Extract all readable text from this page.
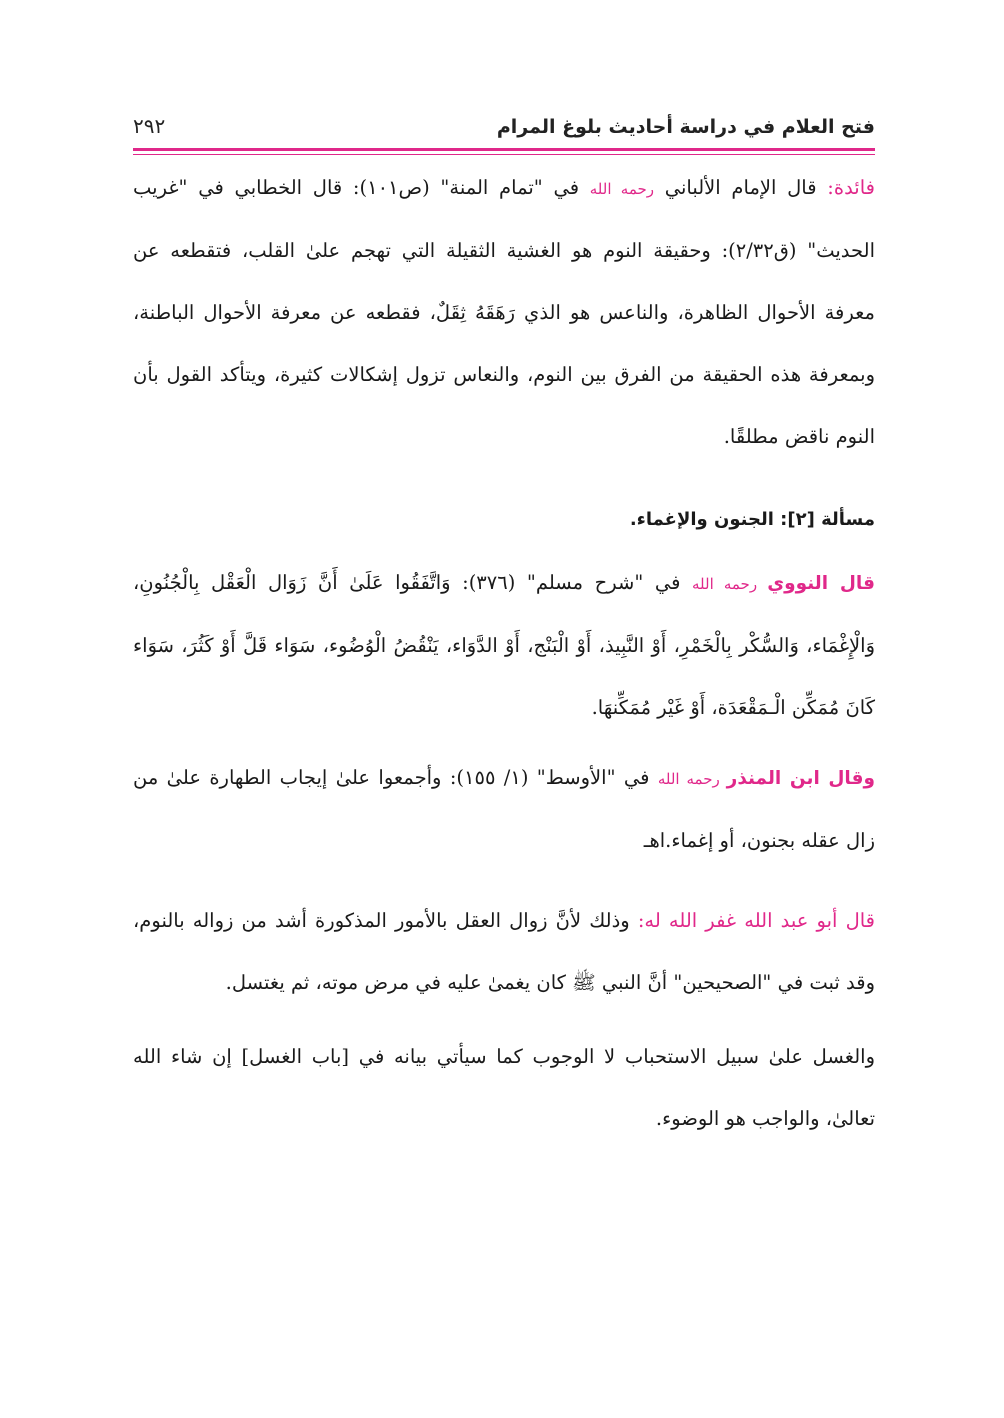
فتح العلام في دراسة أحاديث بلوغ المرام
٢٩٢

فائدة: قال الإمام الألباني رحمه الله في "تمام المنة" (ص١٠١): قال الخطابي في "غريب الحديث" (ق٢/٣٢): وحقيقة النوم هو الغشية الثقيلة التي تهجم علىٰ القلب، فتقطعه عن معرفة الأحوال الظاهرة، والناعس هو الذي رَهَقَهُ ثِقَلٌ، فقطعه عن معرفة الأحوال الباطنة، وبمعرفة هذه الحقيقة من الفرق بين النوم، والنعاس تزول إشكالات كثيرة، ويتأكد القول بأن النوم ناقض مطلقًا.

مسألة [٢]: الجنون والإغماء.

قال النووي رحمه الله في "شرح مسلم" (٣٧٦): وَاتَّفَقُوا عَلَىٰ أَنَّ زَوَال الْعَقْل بِالْجُنُونِ، وَالْإِغْمَاء، وَالسُّكْر بِالْخَمْرِ، أَوْ النَّبِيذ، أَوْ الْبَنْج، أَوْ الدَّوَاء، يَنْقُضُ الْوُضُوء، سَوَاء قَلَّ أَوْ كَثُرَ، سَوَاء كَانَ مُمَكِّن الْـمَقْعَدَة، أَوْ غَيْر مُمَكِّنهَا.

وقال ابن المنذر رحمه الله في "الأوسط" (١/ ١٥٥): وأجمعوا علىٰ إيجاب الطهارة علىٰ من زال عقله بجنون، أو إغماء.اهـ

قال أبو عبد الله غفر الله له: وذلك لأنَّ زوال العقل بالأمور المذكورة أشد من زواله بالنوم، وقد ثبت في "الصحيحين" أنَّ النبي ﷺ كان يغمىٰ عليه في مرض موته، ثم يغتسل.

والغسل علىٰ سبيل الاستحباب لا الوجوب كما سيأتي بيانه في [باب الغسل] إن شاء الله تعالىٰ، والواجب هو الوضوء.
